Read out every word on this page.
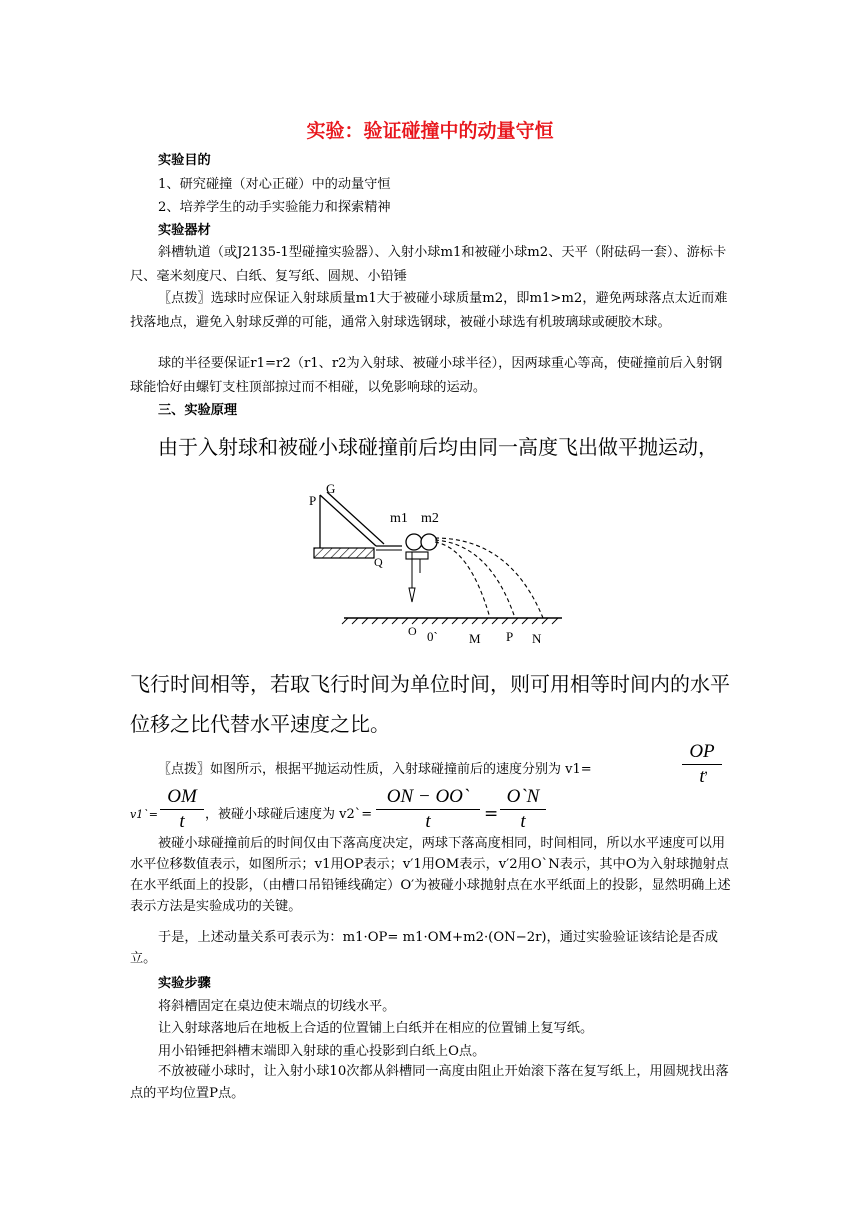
实验：验证碰撞中的动量守恒
实验目的
1、研究碰撞（对心正碰）中的动量守恒
2、培养学生的动手实验能力和探索精神
实验器材
斜槽轨道（或J2135-1型碰撞实验器）、入射小球m1和被碰小球m2、天平（附砝码一套）、游标卡尺、毫米刻度尺、白纸、复写纸、圆规、小铅锤
〖点拨〗选球时应保证入射球质量m1大于被碰小球质量m2，即m1>m2，避免两球落点太近而难找落地点，避免入射球反弹的可能，通常入射球选钢球，被碰小球选有机玻璃球或硬胶木球。
球的半径要保证r1=r2（r1、r2为入射球、被碰小球半径），因两球重心等高，使碰撞前后入射钢球能恰好由螺钉支柱顶部掠过而不相碰，以免影响球的运动。
三、实验原理
由于入射球和被碰小球碰撞前后均由同一高度飞出做平抛运动，
P
G
Q
m1 m2
O 0` M P N
飞行时间相等，若取飞行时间为单位时间，则可用相等时间内的水平
位移之比代替水平速度之比。
〖点拨〗如图所示，根据平抛运动性质，入射球碰撞前后的速度分别为 v1=
OP
t ，
v1`=
OM
t	，被碰小球碰后速度为 v2`=
ON − OO`
t	=
O`N
t
被碰小球碰撞前后的时间仅由下落高度决定，两球下落高度相同，时间相同，所以水平速度可以用水平位移数值表示，如图所示；v1用OP表示；v′1用OM表示，v′2用O`N表示，其中O为入射球抛射点在水平纸面上的投影，（由槽口吊铅锤线确定）O′为被碰小球抛射点在水平纸面上的投影，显然明确上述表示方法是实验成功的关键。
于是，上述动量关系可表示为：m1·OP= m1·OM+m2·(ON−2r)，通过实验验证该结论是否成立。
实验步骤
将斜槽固定在桌边使末端点的切线水平。
让入射球落地后在地板上合适的位置铺上白纸并在相应的位置铺上复写纸。
用小铅锤把斜槽末端即入射球的重心投影到白纸上O点。
不放被碰小球时，让入射小球10次都从斜槽同一高度由阻止开始滚下落在复写纸上，用圆规找出落点的平均位置P点。
